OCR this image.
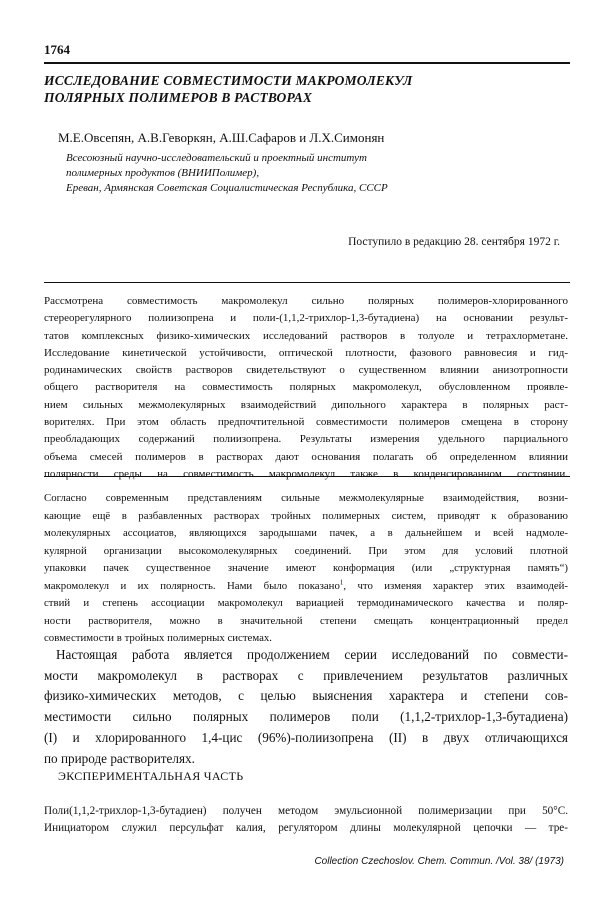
1764
ИССЛЕДОВАНИЕ СОВМЕСТИМОСТИ МАКРОМОЛЕКУЛ
ПОЛЯРНЫХ ПОЛИМЕРОВ В РАСТВОРАХ
М.Е.Овсепян, А.В.Геворкян, А.Ш.Сафаров и Л.Х.Симонян
Всесоюзный научно-исследовательский и проектный институт
полимерных продуктов (ВНИИПолимер),
Ереван, Армянская Советская Социалистическая Республика, СССР
Поступило в редакцию 28. сентября 1972 г.
Рассмотрена совместимость макромолекул сильно полярных полимеров-хлорированного
стереорегулярного полиизопрена и поли-(1,1,2-трихлор-1,3-бутадиена) на основании результ-
татов комплексных физико-химических исследований растворов в толуоле и тетрахлорметане.
Исследование кинетической устойчивости, оптической плотности, фазового равновесия и гид-
родинамических свойств растворов свидетельствуют о существенном влиянии анизотропности
общего растворителя на совместимость полярных макромолекул, обусловленном проявле-
нием сильных межмолекулярных взаимодействий дипольного характера в полярных раст-
ворителях. При этом область предпочтительной совместимости полимеров смещена в сторону
преобладающих содержаний полиизопрена. Результаты измерения удельного парциального
объема смесей полимеров в растворах дают основания полагать об определенном влиянии
полярности среды на совместимость макромолекул также в конденсированном состоянии.
Согласно современным представлениям сильные межмолекулярные взаимодействия, возни-
кающие ещё в разбавленных растворах тройных полимерных систем, приводят к образованию
молекулярных ассоциатов, являющихся зародышами пачек, а в дальнейшем и всей надмоле-
кулярной организации высокомолекулярных соединений. При этом для условий плотной
упаковки пачек существенное значение имеют конформация (или „структурная память“)
макромолекул и их полярность. Нами было показано$^1$, что изменяя характер этих взаимодей-
ствий и степень ассоциации макромолекул вариацией термодинамического качества и поляр-
ности растворителя, можно в значительной степени смещать концентрационный предел
совместимости в тройных полимерных системах.
Настоящая работа является продолжением серии исследований по совмести-
мости макромолекул в растворах с привлечением результатов различных
физико-химических методов, с целью выяснения характера и степени сов-
местимости сильно полярных полимеров поли (1,1,2-трихлор-1,3-бутадиена)
(I) и хлорированного 1,4-цис (96%)-полиизопрена (II) в двух отличающихся
по природе растворителях.
ЭКСПЕРИМЕНТАЛЬНАЯ ЧАСТЬ
Поли(1,1,2-трихлор-1,3-бутадиен) получен методом эмульсионной полимеризации при 50°С.
Инициатором служил персульфат калия, регулятором длины молекулярной цепочки — тре-
Collection Czechoslov. Chem. Commun. /Vol. 38/ (1973)
